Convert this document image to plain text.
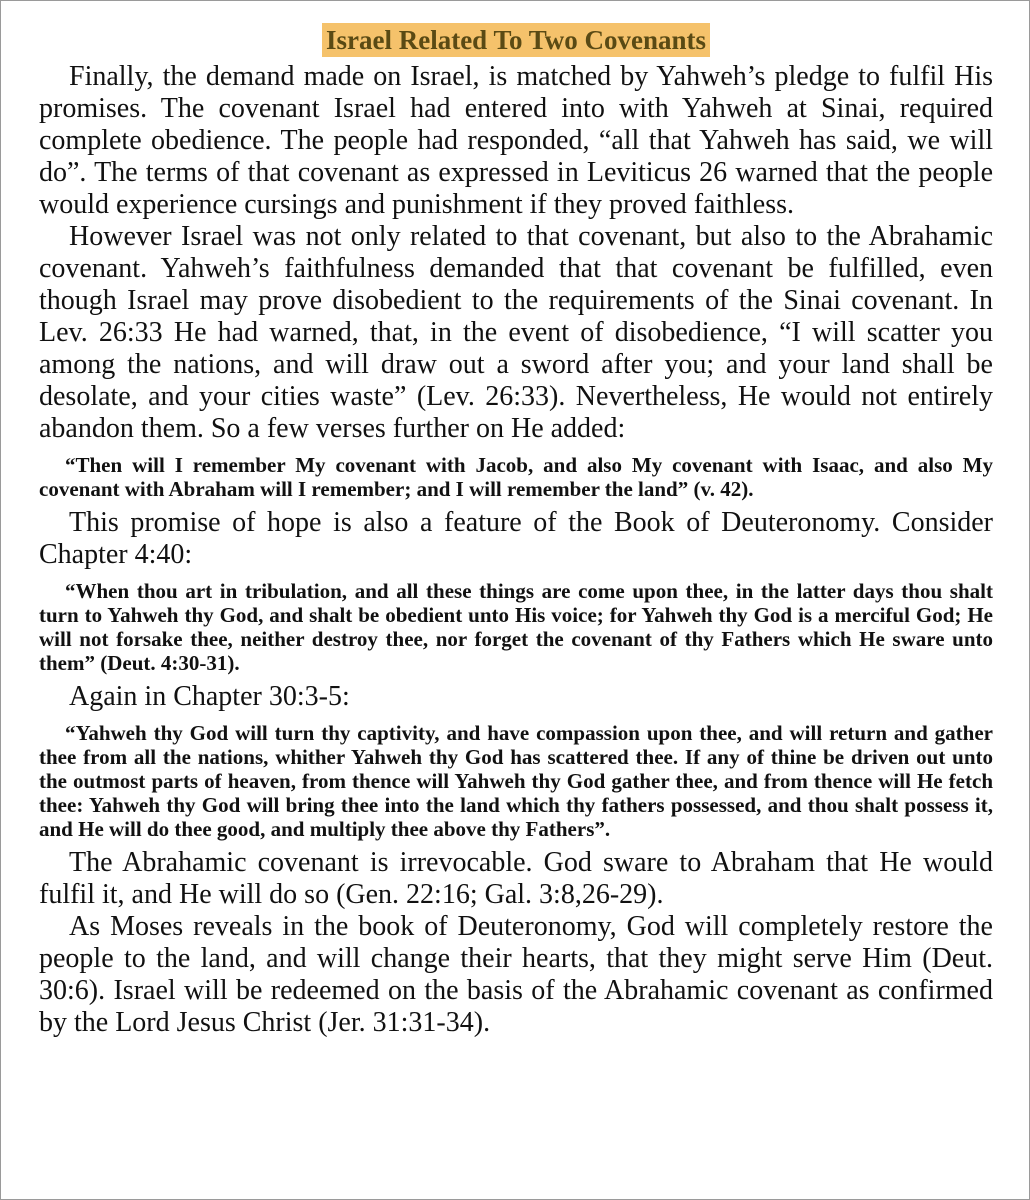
Israel Related To Two Covenants

Finally, the demand made on Israel, is matched by Yahweh’s pledge to fulfil His promises. The covenant Israel had entered into with Yahweh at Sinai, required complete obedience. The people had responded, “all that Yahweh has said, we will do”. The terms of that covenant as expressed in Leviticus 26 warned that the people would experience cursings and punishment if they proved faithless.

However Israel was not only related to that covenant, but also to the Abrahamic covenant. Yahweh’s faithfulness demanded that that covenant be fulfilled, even though Israel may prove disobedient to the requirements of the Sinai covenant. In Lev. 26:33 He had warned, that, in the event of disobedience, “I will scatter you among the nations, and will draw out a sword after you; and your land shall be desolate, and your cities waste” (Lev. 26:33). Nevertheless, He would not entirely abandon them. So a few verses further on He added:

“Then will I remember My covenant with Jacob, and also My covenant with Isaac, and also My covenant with Abraham will I remember; and I will remember the land” (v. 42).

This promise of hope is also a feature of the Book of Deuteronomy. Consider Chapter 4:40:

“When thou art in tribulation, and all these things are come upon thee, in the latter days thou shalt turn to Yahweh thy God, and shalt be obedient unto His voice; for Yahweh thy God is a merciful God; He will not forsake thee, neither destroy thee, nor forget the covenant of thy Fathers which He sware unto them” (Deut. 4:30-31).

Again in Chapter 30:3-5:

“Yahweh thy God will turn thy captivity, and have compassion upon thee, and will return and gather thee from all the nations, whither Yahweh thy God has scattered thee. If any of thine be driven out unto the outmost parts of heaven, from thence will Yahweh thy God gather thee, and from thence will He fetch thee: Yahweh thy God will bring thee into the land which thy fathers possessed, and thou shalt possess it, and He will do thee good, and multiply thee above thy Fathers”.

The Abrahamic covenant is irrevocable. God sware to Abraham that He would fulfil it, and He will do so (Gen. 22:16; Gal. 3:8,26-29).

As Moses reveals in the book of Deuteronomy, God will completely restore the people to the land, and will change their hearts, that they might serve Him (Deut. 30:6). Israel will be redeemed on the basis of the Abrahamic covenant as confirmed by the Lord Jesus Christ (Jer. 31:31-34).
